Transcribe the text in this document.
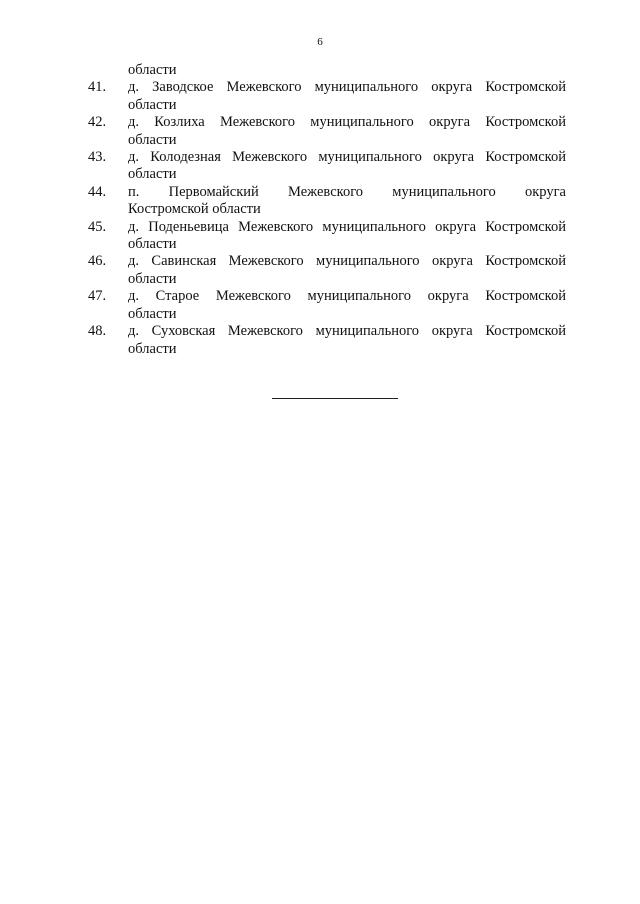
6
области
41.	д. Заводское Межевского муниципального округа Костромской
области
42.	д. Козлиха Межевского муниципального округа Костромской
области
43.	д. Колодезная Межевского муниципального округа Костромской
области
44.	п. Первомайский Межевского муниципального округа
Костромской области
45.	д. Поденьевица Межевского муниципального округа Костромской
области
46.	д. Савинская Межевского муниципального округа Костромской
области
47.	д. Старое Межевского муниципального округа Костромской
области
48.	д. Суховская Межевского муниципального округа Костромской
области
